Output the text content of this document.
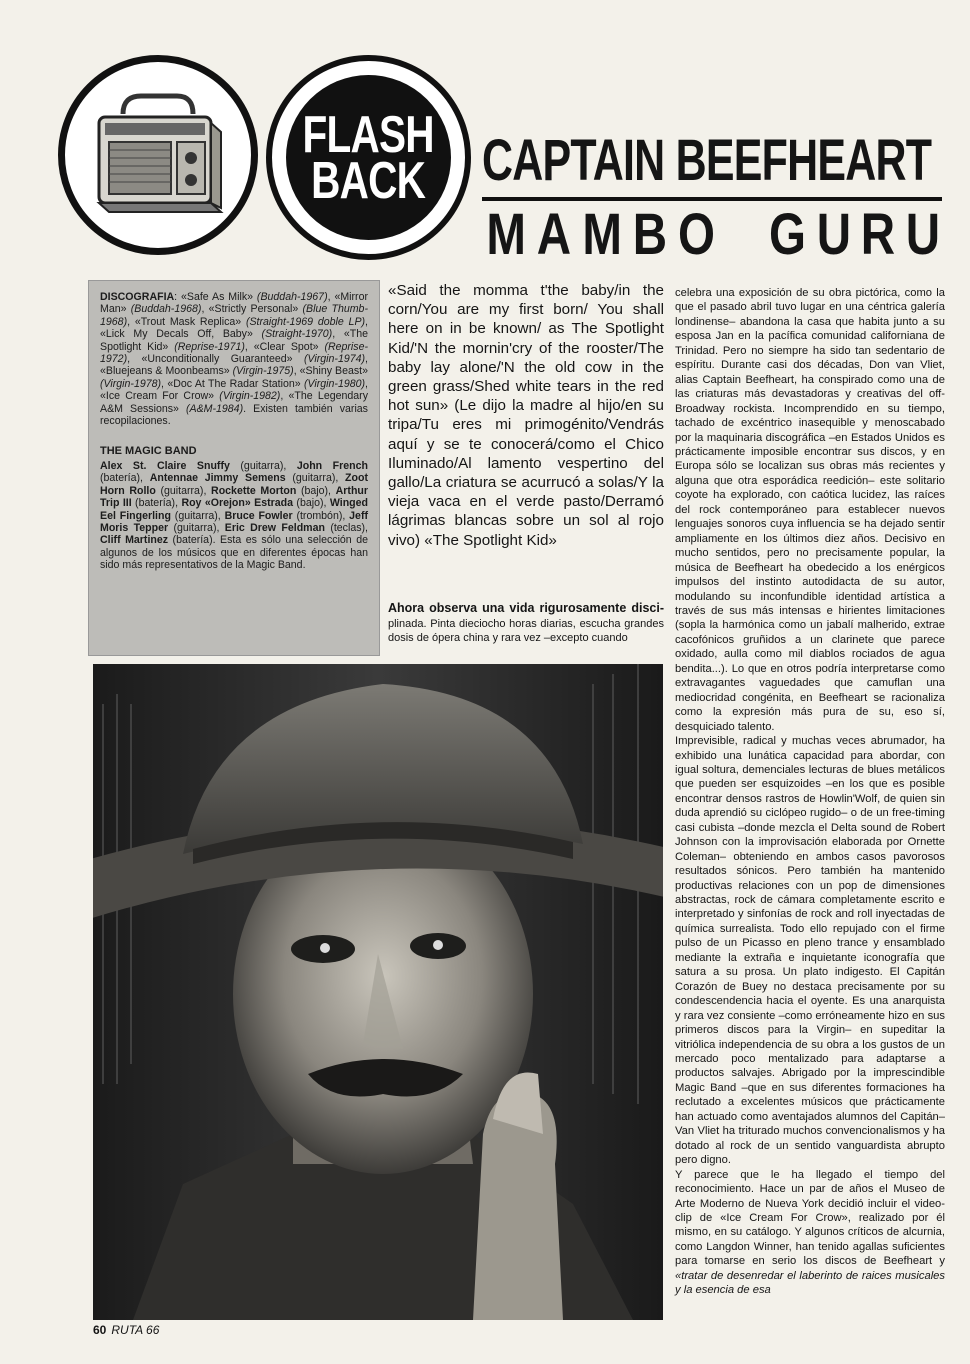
FLASH
BACK CAPTAIN BEEFHEART
M A M B O G U R U
DISCOGRAFIA: «Safe As Milk» (Buddah-1967), «Mirror Man» (Buddah-1968), «Strictly Personal» (Blue Thumb-1968), «Trout Mask Replica» (Straight-1969 doble LP), «Lick My Decals Off, Baby» (Straight-1970), «The Spotlight Kid» (Reprise-1971), «Clear Spot» (Reprise-1972), «Unconditionally Guaranteed» (Virgin-1974), «Bluejeans & Moonbeams» (Virgin-1975), «Shiny Beast» (Virgin-1978), «Doc At The Radar Station» (Virgin-1980), «Ice Cream For Crow» (Virgin-1982), «The Legendary A&M Sessions» (A&M-1984). Existen también varias recopilaciones.
THE MAGIC BAND
Alex St. Claire Snuffy (guitarra), John French (batería), Antennae Jimmy Semens (guitarra), Zoot Horn Rollo (guitarra), Rockette Morton (bajo), Arthur Trip III (batería), Roy «Orejon» Estrada (bajo), Winged Eel Fingerling (guitarra), Bruce Fowler (trombón), Jeff Moris Tepper (guitarra), Eric Drew Feldman (teclas), Cliff Martinez (batería). Esta es sólo una selección de algunos de los músicos que en diferentes épocas han sido más representativos de la Magic Band.
«Said the momma t'the baby/in the corn/You are my first born/ You shall here on in be known/ as The Spotlight Kid/'N the mornin'cry of the rooster/The baby lay alone/'N the old cow in the green grass/Shed white tears in the red hot sun» (Le dijo la madre al hijo/en su tripa/Tu eres mi primogénito/Vendrás aquí y se te conocerá/como el Chico Iluminado/Al lamento vespertino del gallo/La criatura se acurrucó a solas/Y la vieja vaca en el verde pasto/Derramó lágrimas blancas sobre un sol al rojo vivo) «The Spotlight Kid»
Ahora observa una vida rigurosamente disci-plinada. Pinta dieciocho horas diarias, escucha grandes dosis de ópera china y rara vez –excepto cuando

celebra una exposición de su obra pictórica, como la que el pasado abril tuvo lugar en una céntrica galería londinense– abandona la casa que habita junto a su esposa Jan en la pacífica comunidad californiana de Trinidad. Pero no siempre ha sido tan sedentario de espíritu. Durante casi dos décadas, Don van Vliet, alias Captain Beefheart, ha conspirado como una de las criaturas más devastadoras y creativas del off-Broadway rockista. Incomprendido en su tiempo, tachado de excéntrico inasequible y menoscabado por la maquinaria discográfica –en Estados Unidos es prácticamente imposible encontrar sus discos, y en Europa sólo se localizan sus obras más recientes y alguna que otra esporádica reedición– este solitario coyote ha explorado, con caótica lucidez, las raíces del rock contemporáneo para establecer nuevos lenguajes sonoros cuya influencia se ha dejado sentir ampliamente en los últimos diez años. Decisivo en mucho sentidos, pero no precisamente popular, la música de Beefheart ha obedecido a los enérgicos impulsos del instinto autodidacta de su autor, modulando su inconfundible identidad artística a través de sus más intensas e hirientes limitaciones (sopla la harmónica como un jabalí malherido, extrae cacofónicos gruñidos a un clarinete que parece oxidado, aulla como mil diablos rociados de agua bendita...). Lo que en otros podría interpretarse como extravagantes vaguedades que camuflan una mediocridad congénita, en Beefheart se racionaliza como la expresión más pura de su, eso sí, desquiciado talento.

Imprevisible, radical y muchas veces abrumador, ha exhibido una lunática capacidad para abordar, con igual soltura, demenciales lecturas de blues metálicos que pueden ser esquizoides –en los que es posible encontrar densos rastros de Howlin'Wolf, de quien sin duda aprendió su ciclópeo rugido– o de un free-timing casi cubista –donde mezcla el Delta sound de Robert Johnson con la improvisación elaborada por Ornette Coleman– obteniendo en ambos casos pavorosos resultados sónicos. Pero también ha mantenido productivas relaciones con un pop de dimensiones abstractas, rock de cámara completamente escrito e interpretado y sinfonías de rock and roll inyectadas de química surrealista. Todo ello repujado con el firme pulso de un Picasso en pleno trance y ensamblado mediante la extraña e inquietante iconografía que satura a su prosa. Un plato indigesto. El Capitán Corazón de Buey no destaca precisamente por su condescendencia hacia el oyente. Es una anarquista y rara vez consiente –como erróneamente hizo en sus primeros discos para la Virgin– en supeditar la vitriólica independencia de su obra a los gustos de un mercado poco mentalizado para adaptarse a productos salvajes. Abrigado por la imprescindible Magic Band –que en sus diferentes formaciones ha reclutado a excelentes músicos que prácticamente han actuado como aventajados alumnos del Capitán– Van Vliet ha triturado muchos convencionalismos y ha dotado al rock de un sentido vanguardista abrupto pero digno.

Y parece que le ha llegado el tiempo del reconocimiento. Hace un par de años el Museo de Arte Moderno de Nueva York decidió incluir el video-clip de «Ice Cream For Crow», realizado por él mismo, en su catálogo. Y algunos críticos de alcurnia, como Langdon Winner, han tenido agallas suficientes para tomarse en serio los discos de Beefheart y «tratar de desenredar el laberinto de raices musicales y la esencia de esa

60 RUTA 66
